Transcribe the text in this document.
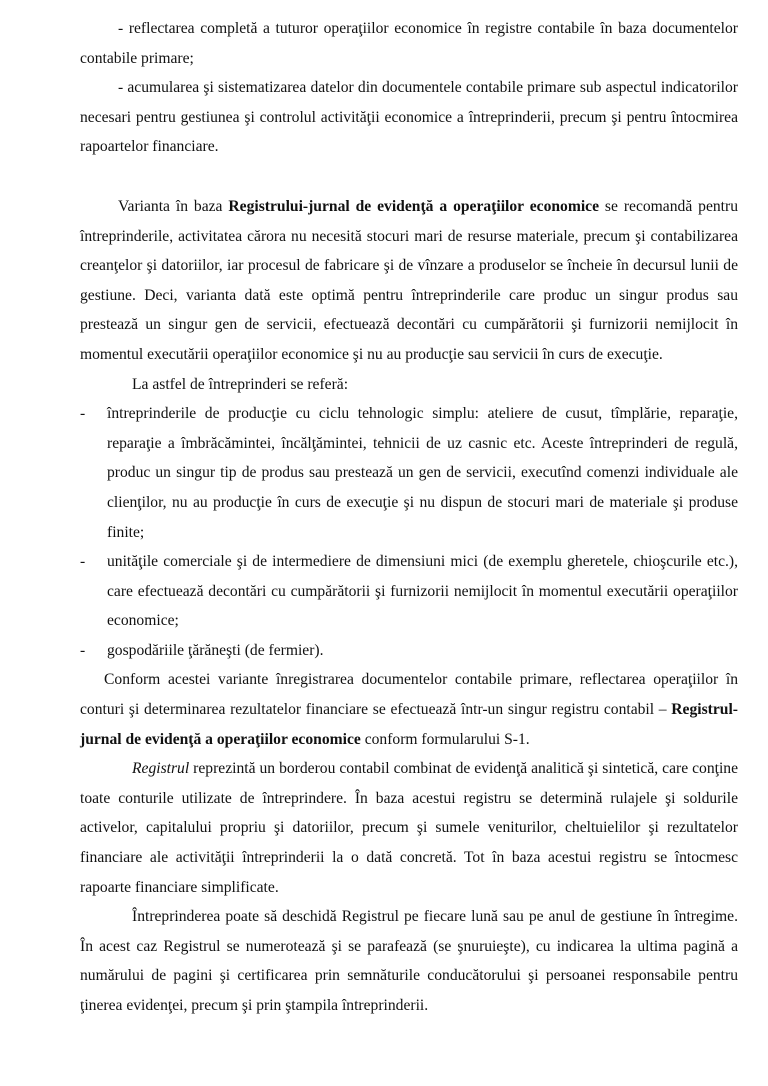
- reflectarea completă a tuturor operaţiilor economice în registre contabile în baza documentelor contabile primare;

- acumularea şi sistematizarea datelor din documentele contabile primare sub aspectul indicatorilor necesari pentru gestiunea şi controlul activităţii economice a întreprinderii, precum şi pentru întocmirea rapoartelor financiare.

Varianta în baza Registrului-jurnal de evidenţă a operaţiilor economice se recomandă pentru întreprinderile, activitatea cărora nu necesită stocuri mari de resurse materiale, precum şi contabilizarea creanţelor şi datoriilor, iar procesul de fabricare şi de vînzare a produselor se încheie în decursul lunii de gestiune. Deci, varianta dată este optimă pentru întreprinderile care produc un singur produs sau prestează un singur gen de servicii, efectuează decontări cu cumpărătorii şi furnizorii nemijlocit în momentul executării operaţiilor economice şi nu au producţie sau servicii în curs de execuţie.

La astfel de întreprinderi se referă:

-	întreprinderile de producţie cu ciclu tehnologic simplu: ateliere de cusut, tîmplărie, reparaţie, reparaţie a îmbrăcămintei, încălţămintei, tehnicii de uz casnic etc. Aceste întreprinderi de regulă, produc un singur tip de produs sau prestează un gen de servicii, executînd comenzi individuale ale clienţilor, nu au producţie în curs de execuţie şi nu dispun de stocuri mari de materiale şi produse finite;
-	unităţile comerciale şi de intermediere de dimensiuni mici (de exemplu gheretele, chioşcurile etc.), care efectuează decontări cu cumpărătorii şi furnizorii nemijlocit în momentul executării operaţiilor economice;
-	gospodăriile ţărăneşti (de fermier).

Conform acestei variante înregistrarea documentelor contabile primare, reflectarea operaţiilor în conturi şi determinarea rezultatelor financiare se efectuează într-un singur registru contabil – Registrul-jurnal de evidenţă a operaţiilor economice conform formularului S-1.

Registrul reprezintă un borderou contabil combinat de evidenţă analitică şi sintetică, care conţine toate conturile utilizate de întreprindere. În baza acestui registru se determină rulajele şi soldurile activelor, capitalului propriu şi datoriilor, precum şi sumele veniturilor, cheltuielilor şi rezultatelor financiare ale activităţii întreprinderii la o dată concretă. Tot în baza acestui registru se întocmesc rapoarte financiare simplificate.

Întreprinderea poate să deschidă Registrul pe fiecare lună sau pe anul de gestiune în întregime. În acest caz Registrul se numerotează şi se parafează (se şnuruieşte), cu indicarea la ultima pagină a numărului de pagini şi certificarea prin semnăturile conducătorului şi persoanei responsabile pentru ţinerea evidenţei, precum şi prin ştampila întreprinderii.
